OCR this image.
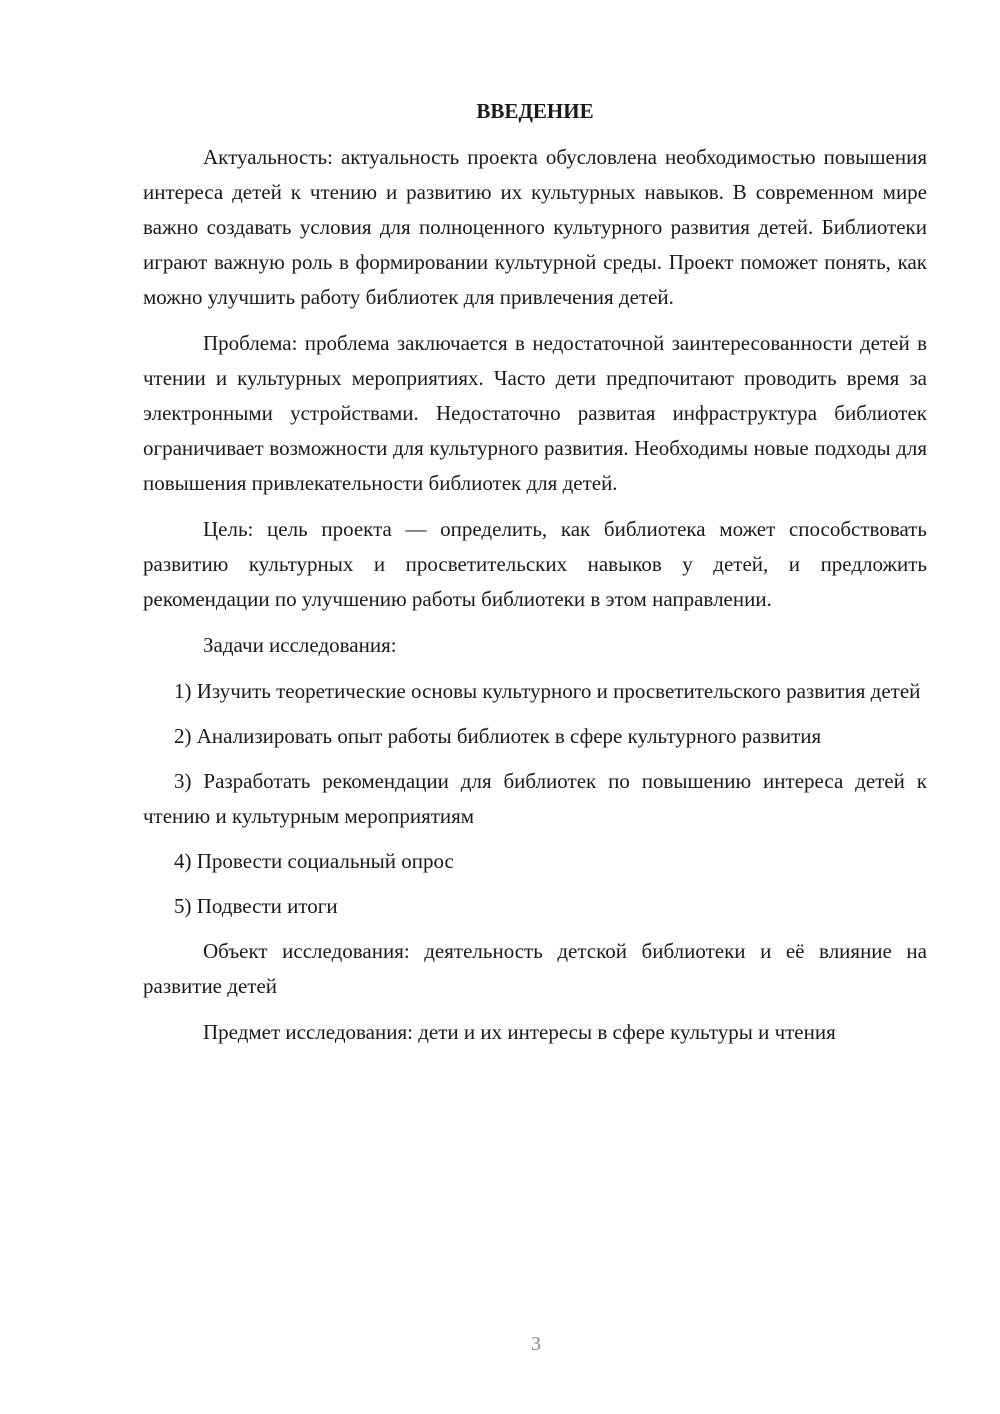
ВВЕДЕНИЕ

Актуальность: актуальность проекта обусловлена необходимостью повышения интереса детей к чтению и развитию их культурных навыков. В современном мире важно создавать условия для полноценного культурного развития детей. Библиотеки играют важную роль в формировании культурной среды. Проект поможет понять, как можно улучшить работу библиотек для привлечения детей.

Проблема: проблема заключается в недостаточной заинтересованности детей в чтении и культурных мероприятиях. Часто дети предпочитают проводить время за электронными устройствами. Недостаточно развитая инфраструктура библиотек ограничивает возможности для культурного развития. Необходимы новые подходы для повышения привлекательности библиотек для детей.

Цель: цель проекта — определить, как библиотека может способствовать развитию культурных и просветительских навыков у детей, и предложить рекомендации по улучшению работы библиотеки в этом направлении.

Задачи исследования:

1) Изучить теоретические основы культурного и просветительского развития детей

2) Анализировать опыт работы библиотек в сфере культурного развития

3) Разработать рекомендации для библиотек по повышению интереса детей к чтению и культурным мероприятиям

4) Провести социальный опрос

5) Подвести итоги

Объект исследования: деятельность детской библиотеки и её влияние на развитие детей

Предмет исследования: дети и их интересы в сфере культуры и чтения

3
